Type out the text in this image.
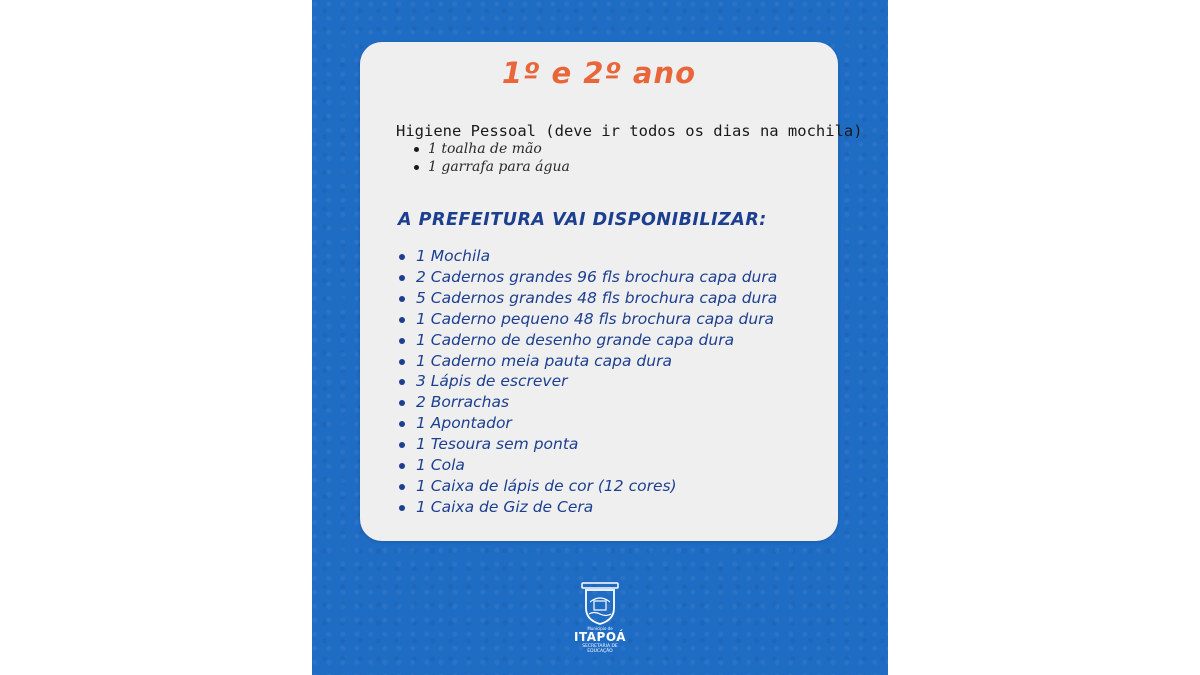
1º e 2º ano
Higiene Pessoal (deve ir todos os dias na mochila)
1 toalha de mão
1 garrafa para água
A PREFEITURA VAI DISPONIBILIZAR:
1 Mochila
2 Cadernos grandes 96 fls brochura capa dura
5 Cadernos grandes 48 fls brochura capa dura
1 Caderno pequeno 48 fls brochura capa dura
1 Caderno de desenho grande capa dura
1 Caderno meia pauta capa dura
3 Lápis de escrever
2 Borrachas
1 Apontador
1 Tesoura sem ponta
1 Cola
1 Caixa de lápis de cor (12 cores)
1 Caixa de Giz de Cera
Município de
ITAPOÁ
SECRETARIA DE
EDUCAÇÃO
